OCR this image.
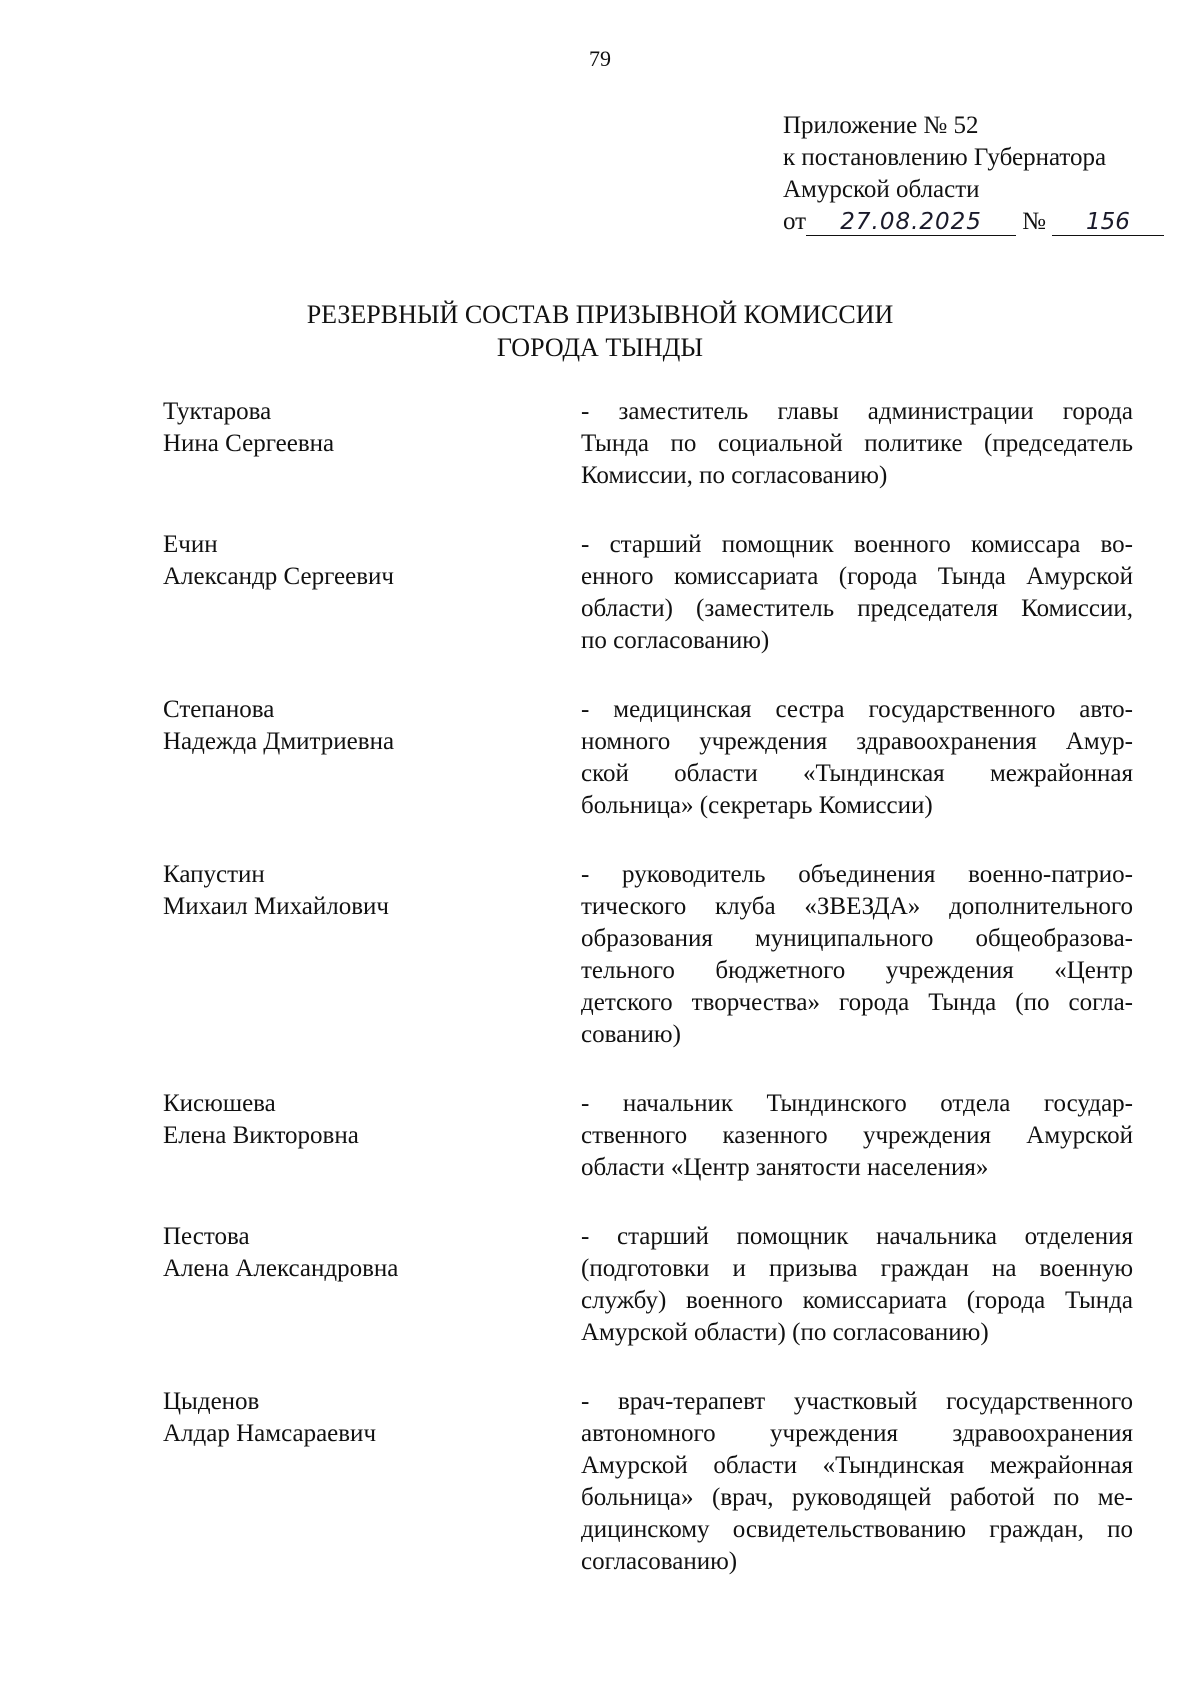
79
Приложение № 52
к постановлению Губернатора
Амурской области
от 27.08.2025 № 156
РЕЗЕРВНЫЙ СОСТАВ ПРИЗЫВНОЙ КОМИССИИ
ГОРОДА ТЫНДЫ
Туктарова
Нина Сергеевна
- заместитель главы администрации города
Тында по социальной политике (председатель
Комиссии, по согласованию)
Ечин
Александр Сергеевич
- старший помощник военного комиссара во-
енного комиссариата (города Тында Амурской
области) (заместитель председателя Комиссии,
по согласованию)
Степанова
Надежда Дмитриевна
- медицинская сестра государственного авто-
номного учреждения здравоохранения Амур-
ской области «Тындинская межрайонная
больница» (секретарь Комиссии)
Капустин
Михаил Михайлович
- руководитель объединения военно-патрио-
тического клуба «ЗВЕЗДА» дополнительного
образования муниципального общеобразова-
тельного бюджетного учреждения «Центр
детского творчества» города Тында (по согла-
сованию)
Кисюшева
Елена Викторовна
- начальник Тындинского отдела государ-
ственного казенного учреждения Амурской
области «Центр занятости населения»
Пестова
Алена Александровна
- старший помощник начальника отделения
(подготовки и призыва граждан на военную
службу) военного комиссариата (города Тында
Амурской области) (по согласованию)
Цыденов
Алдар Намсараевич
- врач-терапевт участковый государственного
автономного учреждения здравоохранения
Амурской области «Тындинская межрайонная
больница» (врач, руководящей работой по ме-
дицинскому освидетельствованию граждан, по
согласованию)
